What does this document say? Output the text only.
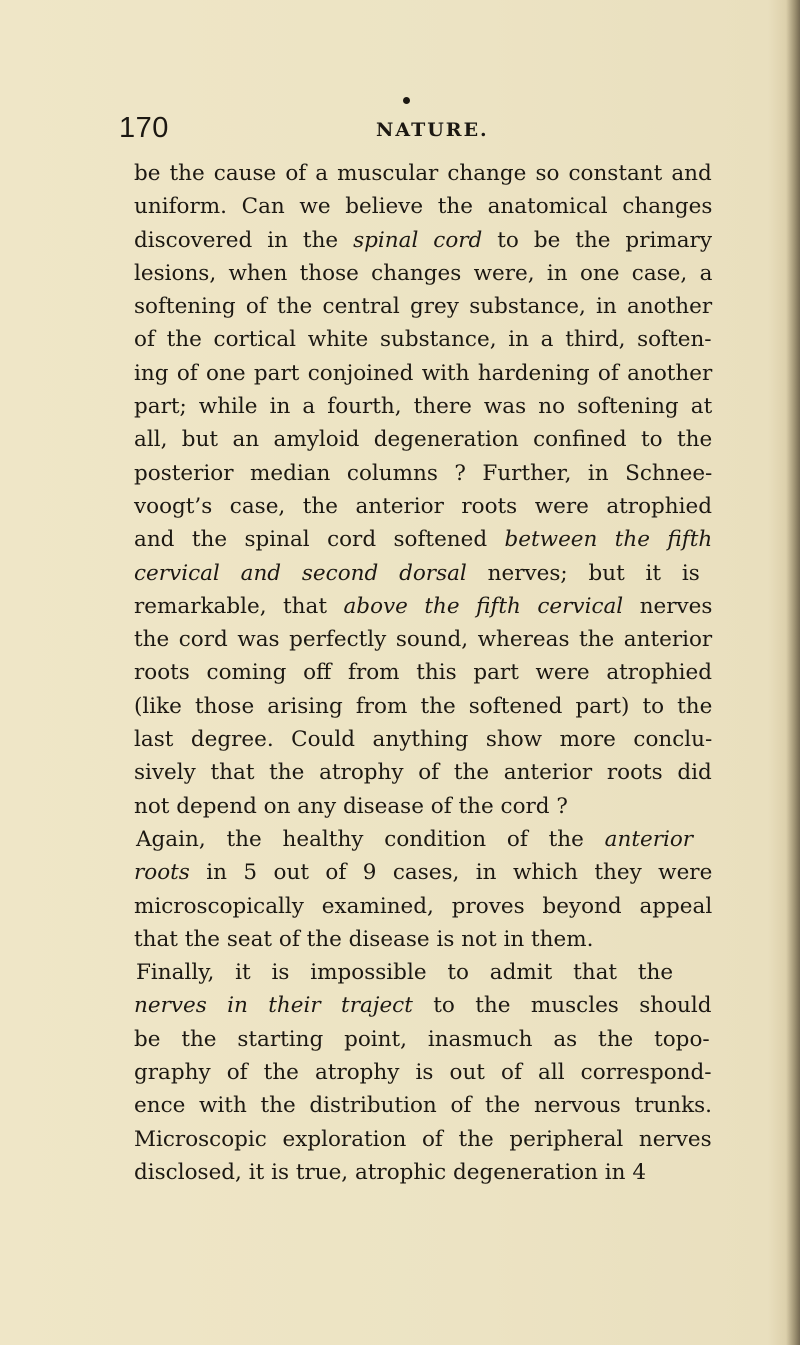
170	NATURE.
be the cause of a muscular change so constant and
uniform. Can we believe the anatomical changes
discovered in the spinal cord to be the primary
lesions, when those changes were, in one case, a
softening of the central grey substance, in another
of the cortical white substance, in a third, soften-
ing of one part conjoined with hardening of another
part; while in a fourth, there was no softening at
all, but an amyloid degeneration confined to the
posterior median columns ? Further, in Schnee-
voogt’s case, the anterior roots were atrophied
and the spinal cord softened between the fifth
cervical and second dorsal nerves; but it is
remarkable, that above the fifth cervical nerves
the cord was perfectly sound, whereas the anterior
roots coming off from this part were atrophied
(like those arising from the softened part) to the
last degree. Could anything show more conclu-
sively that the atrophy of the anterior roots did
not depend on any disease of the cord ?
Again, the healthy condition of the anterior
roots in 5 out of 9 cases, in which they were
microscopically examined, proves beyond appeal
that the seat of the disease is not in them.
Finally, it is impossible to admit that the
nerves in their traject to the muscles should
be the starting point, inasmuch as the topo-
graphy of the atrophy is out of all correspond-
ence with the distribution of the nervous trunks.
Microscopic exploration of the peripheral nerves
disclosed, it is true, atrophic degeneration in 4
